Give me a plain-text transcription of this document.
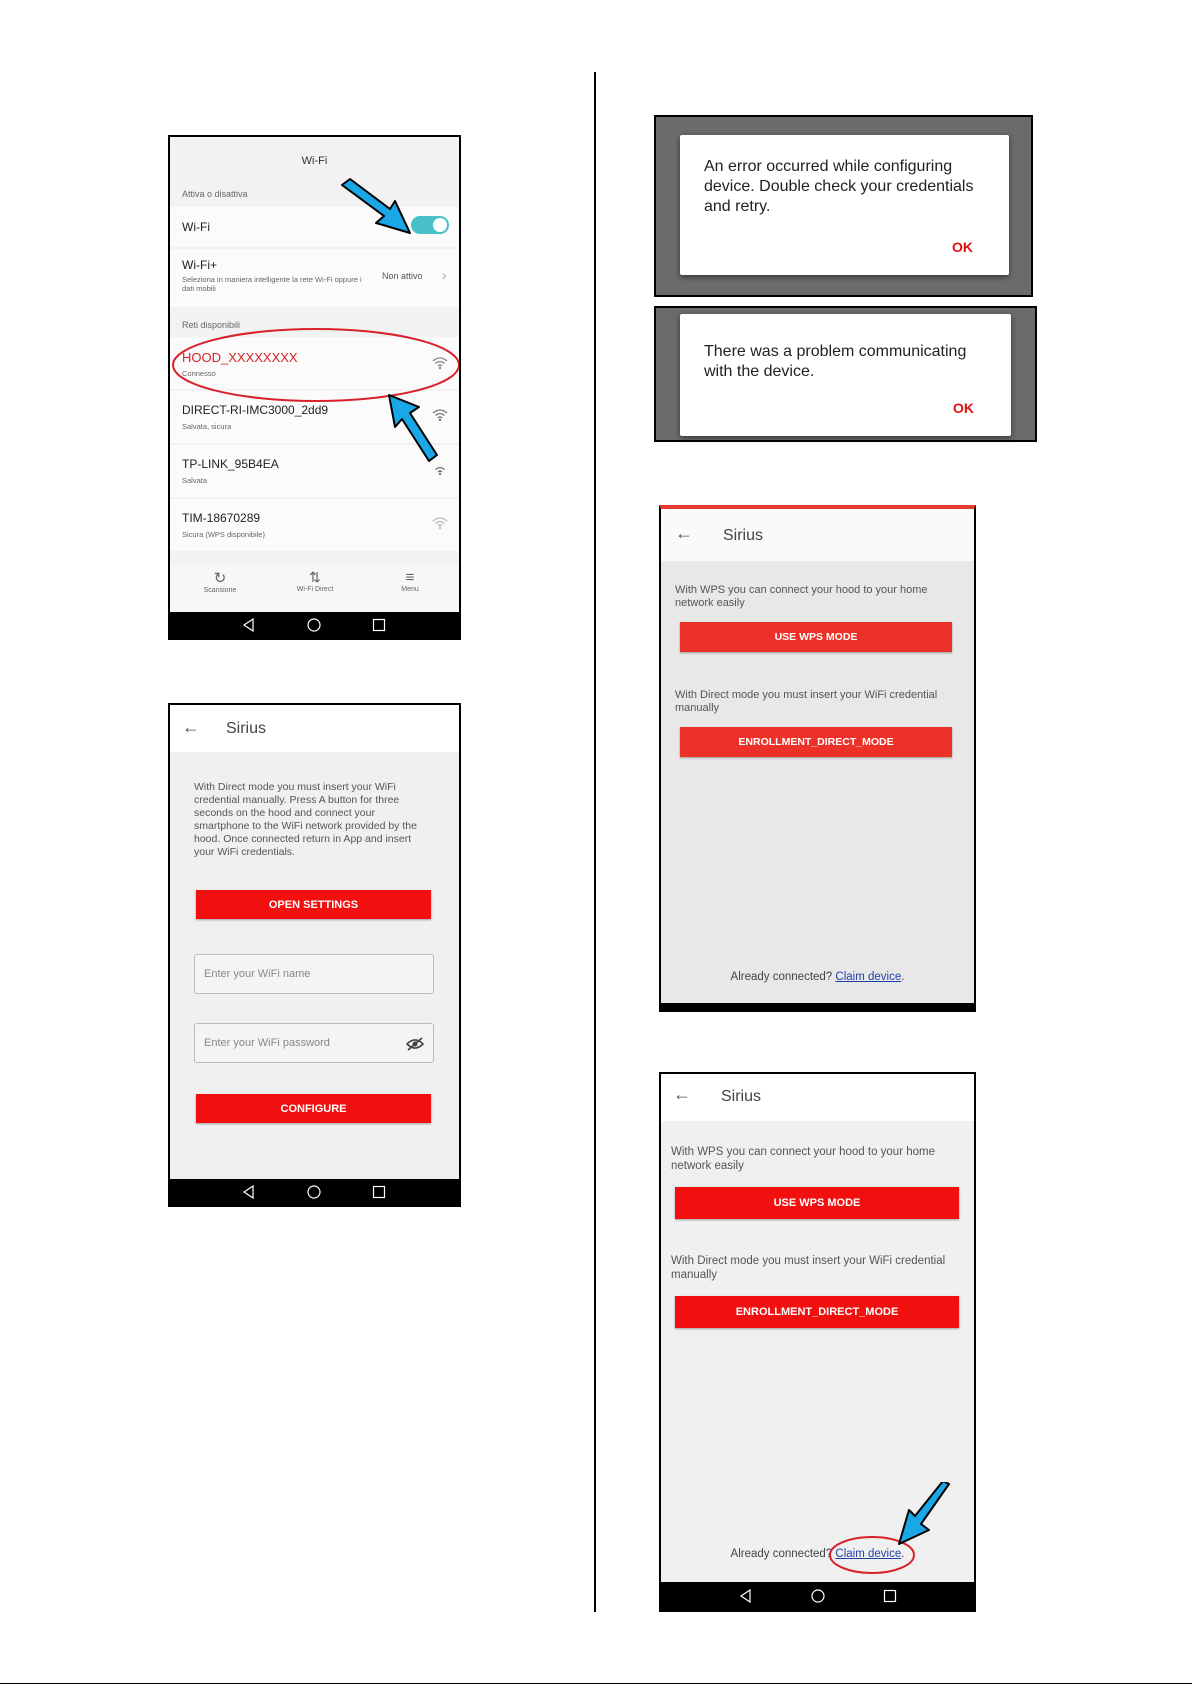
Wi-Fi
Attiva o disattiva
Wi-Fi
Wi-Fi+
Seleziona in maniera intelligente la rete Wi-Fi oppure i dati mobili
Non attivo ›
Reti disponibili
HOOD_XXXXXXXX
Connesso
DIRECT-RI-IMC3000_2dd9
Salvata, sicura
TP-LINK_95B4EA
Salvata
TIM-18670289
Sicura (WPS disponibile)
↻
Scansione
⇅
Wi-Fi Direct
≡
Menu
← Sirius
With Direct mode you must insert your WiFi credential manually. Press A button for three seconds on the hood and connect your smartphone to the WiFi network provided by the hood. Once connected return in App and insert your WiFi credentials.
OPEN SETTINGS
Enter your WiFi name
Enter your WiFi password
CONFIGURE
An error occurred while configuring device. Double check your credentials and retry.
OK
There was a problem communicating with the device.
OK
← Sirius
With WPS you can connect your hood to your home network easily
USE WPS MODE
With Direct mode you must insert your WiFi credential manually
ENROLLMENT_DIRECT_MODE
Already connected? Claim device.
← Sirius
With WPS you can connect your hood to your home network easily
USE WPS MODE
With Direct mode you must insert your WiFi credential manually
ENROLLMENT_DIRECT_MODE
Already connected? Claim device.
